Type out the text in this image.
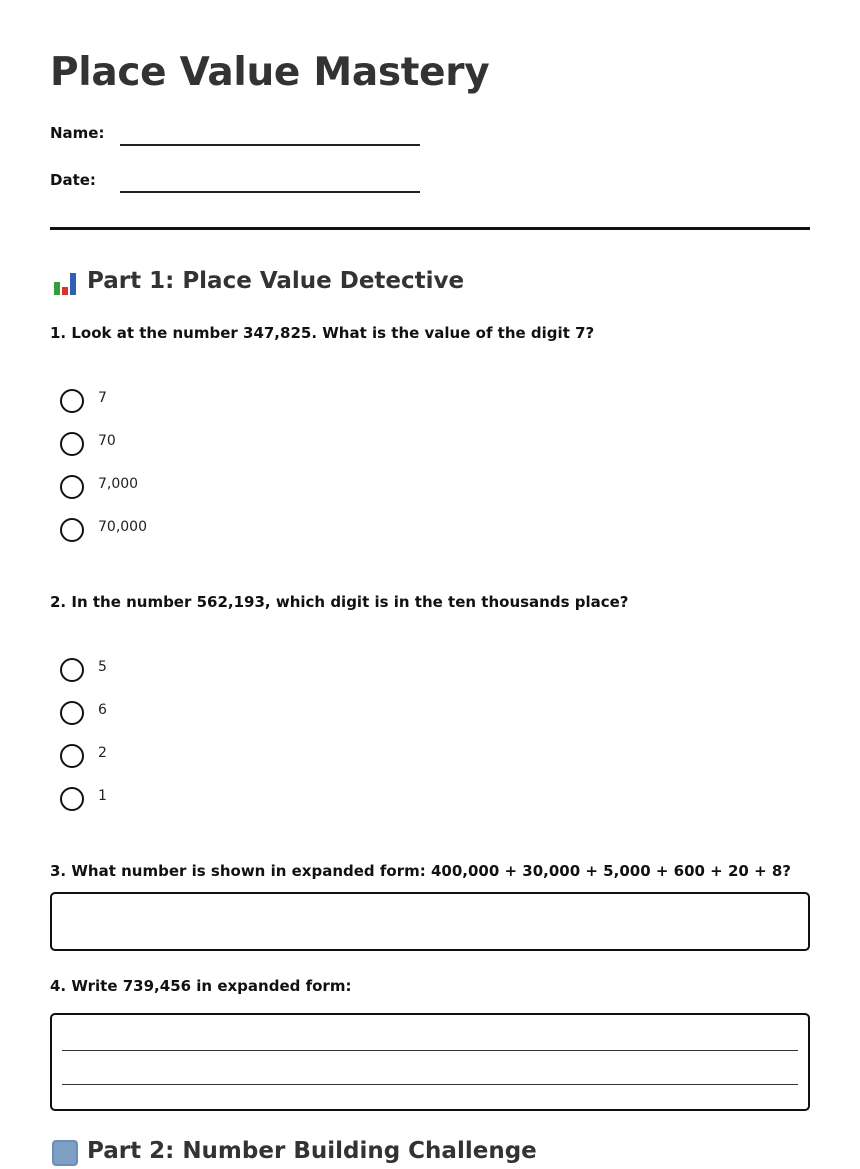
Place Value Mastery
Name:
Date:
Part 1: Place Value Detective
1. Look at the number 347,825. What is the value of the digit 7?
7
70
7,000
70,000
2. In the number 562,193, which digit is in the ten thousands place?
5
6
2
1
3. What number is shown in expanded form: 400,000 + 30,000 + 5,000 + 600 + 20 + 8?
4. Write 739,456 in expanded form:
Part 2: Number Building Challenge
